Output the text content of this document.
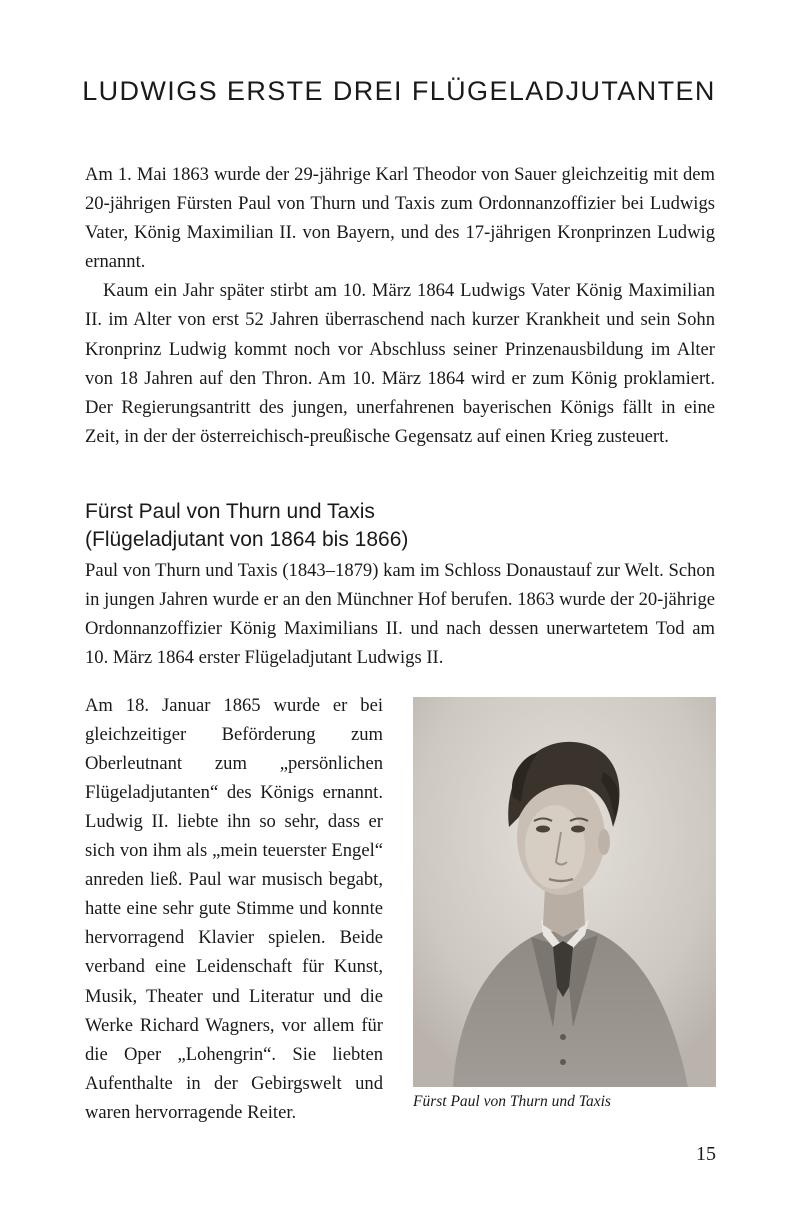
LUDWIGS ERSTE DREI FLÜGELADJUTANTEN

Am 1. Mai 1863 wurde der 29-jährige Karl Theodor von Sauer gleichzeitig mit dem 20-jährigen Fürsten Paul von Thurn und Taxis zum Ordonnanzoffizier bei Ludwigs Vater, König Maximilian II. von Bayern, und des 17-jährigen Kronprinzen Ludwig ernannt.

Kaum ein Jahr später stirbt am 10. März 1864 Ludwigs Vater König Maximilian II. im Alter von erst 52 Jahren überraschend nach kurzer Krankheit und sein Sohn Kronprinz Ludwig kommt noch vor Abschluss seiner Prinzenausbildung im Alter von 18 Jahren auf den Thron. Am 10. März 1864 wird er zum König proklamiert. Der Regierungsantritt des jungen, unerfahrenen bayerischen Königs fällt in eine Zeit, in der der österreichisch-preußische Gegensatz auf einen Krieg zusteuert.

Fürst Paul von Thurn und Taxis
(Flügeladjutant von 1864 bis 1866)

Paul von Thurn und Taxis (1843–1879) kam im Schloss Donaustauf zur Welt. Schon in jungen Jahren wurde er an den Münchner Hof berufen. 1863 wurde der 20-jährige Ordonnanzoffizier König Maximilians II. und nach dessen unerwartetem Tod am 10. März 1864 erster Flügeladjutant Ludwigs II.

Am 18. Januar 1865 wurde er bei gleichzeitiger Beförderung zum Oberleutnant zum „persönlichen Flügeladjutanten“ des Königs ernannt. Ludwig II. liebte ihn so sehr, dass er sich von ihm als „mein teuerster Engel“ anreden ließ. Paul war musisch begabt, hatte eine sehr gute Stimme und konnte hervorragend Klavier spielen. Beide verband eine Leidenschaft für Kunst, Musik, Theater und Literatur und die Werke Richard Wagners, vor allem für die Oper „Lohengrin“. Sie liebten Aufenthalte in der Gebirgswelt und waren hervorragende Reiter.

Fürst Paul von Thurn und Taxis
15
